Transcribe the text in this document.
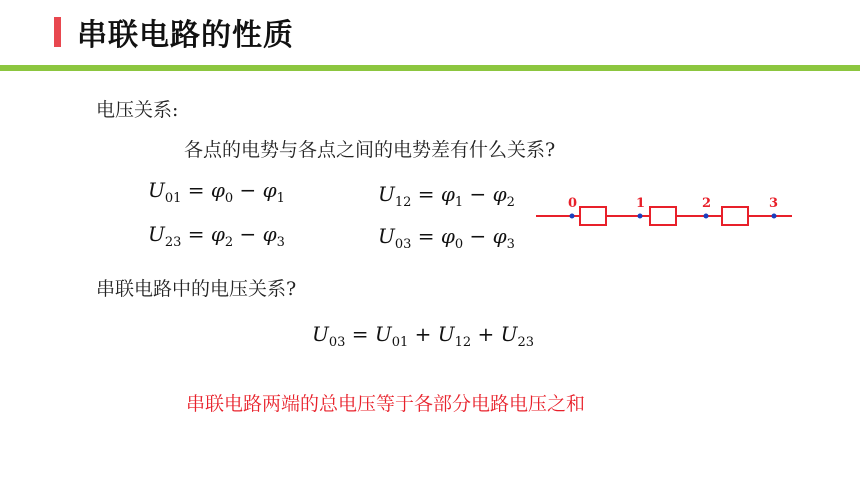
串联电路的性质
电压关系:
各点的电势与各点之间的电势差有什么关系?
$U_{01} = \varphi_0 - \varphi_1$	$U_{12} = \varphi_1 - \varphi_2$
$U_{23} = \varphi_2 - \varphi_3$	$U_{03} = \varphi_0 - \varphi_3$
0	1	2	3
串联电路中的电压关系?
$U_{03} = U_{01} + U_{12} + U_{23}$
串联电路两端的总电压等于各部分电路电压之和
